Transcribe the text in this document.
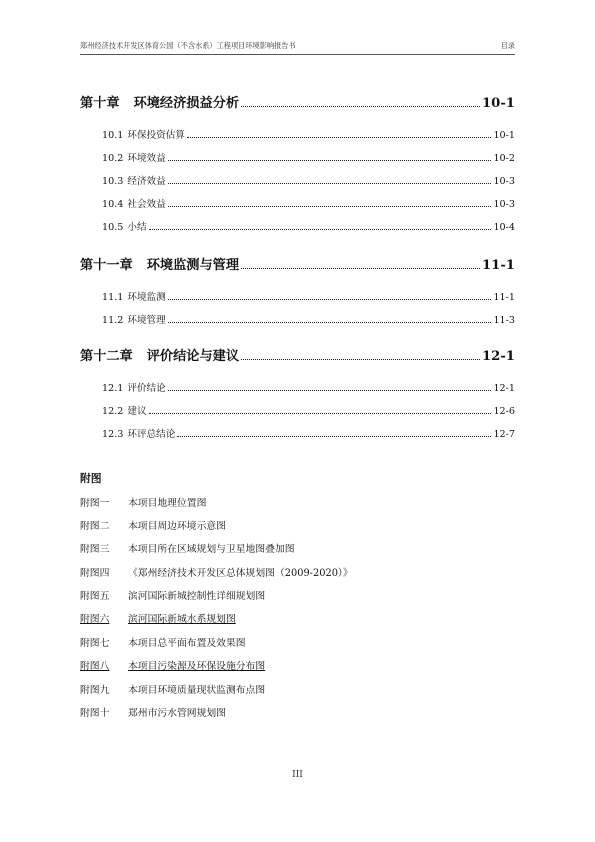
郑州经济技术开发区体育公园（不含水系）工程项目环境影响报告书	目录
第十章 环境经济损益分析	10-1
10.1 环保投资估算	10-1
10.2 环境效益	10-2
10.3 经济效益	10-3
10.4 社会效益	10-3
10.5 小结	10-4
第十一章 环境监测与管理	11-1
11.1 环境监测	11-1
11.2 环境管理	11-3
第十二章 评价结论与建议	12-1
12.1 评价结论	12-1
12.2 建议	12-6
12.3 环评总结论	12-7
附图
附图一 本项目地理位置图
附图二 本项目周边环境示意图
附图三 本项目所在区域规划与卫星地图叠加图
附图四 《郑州经济技术开发区总体规划图（2009-2020）》
附图五 滨河国际新城控制性详细规划图
附图六 滨河国际新城水系规划图
附图七 本项目总平面布置及效果图
附图八 本项目污染源及环保设施分布图
附图九 本项目环境质量现状监测布点图
附图十 郑州市污水管网规划图
III
